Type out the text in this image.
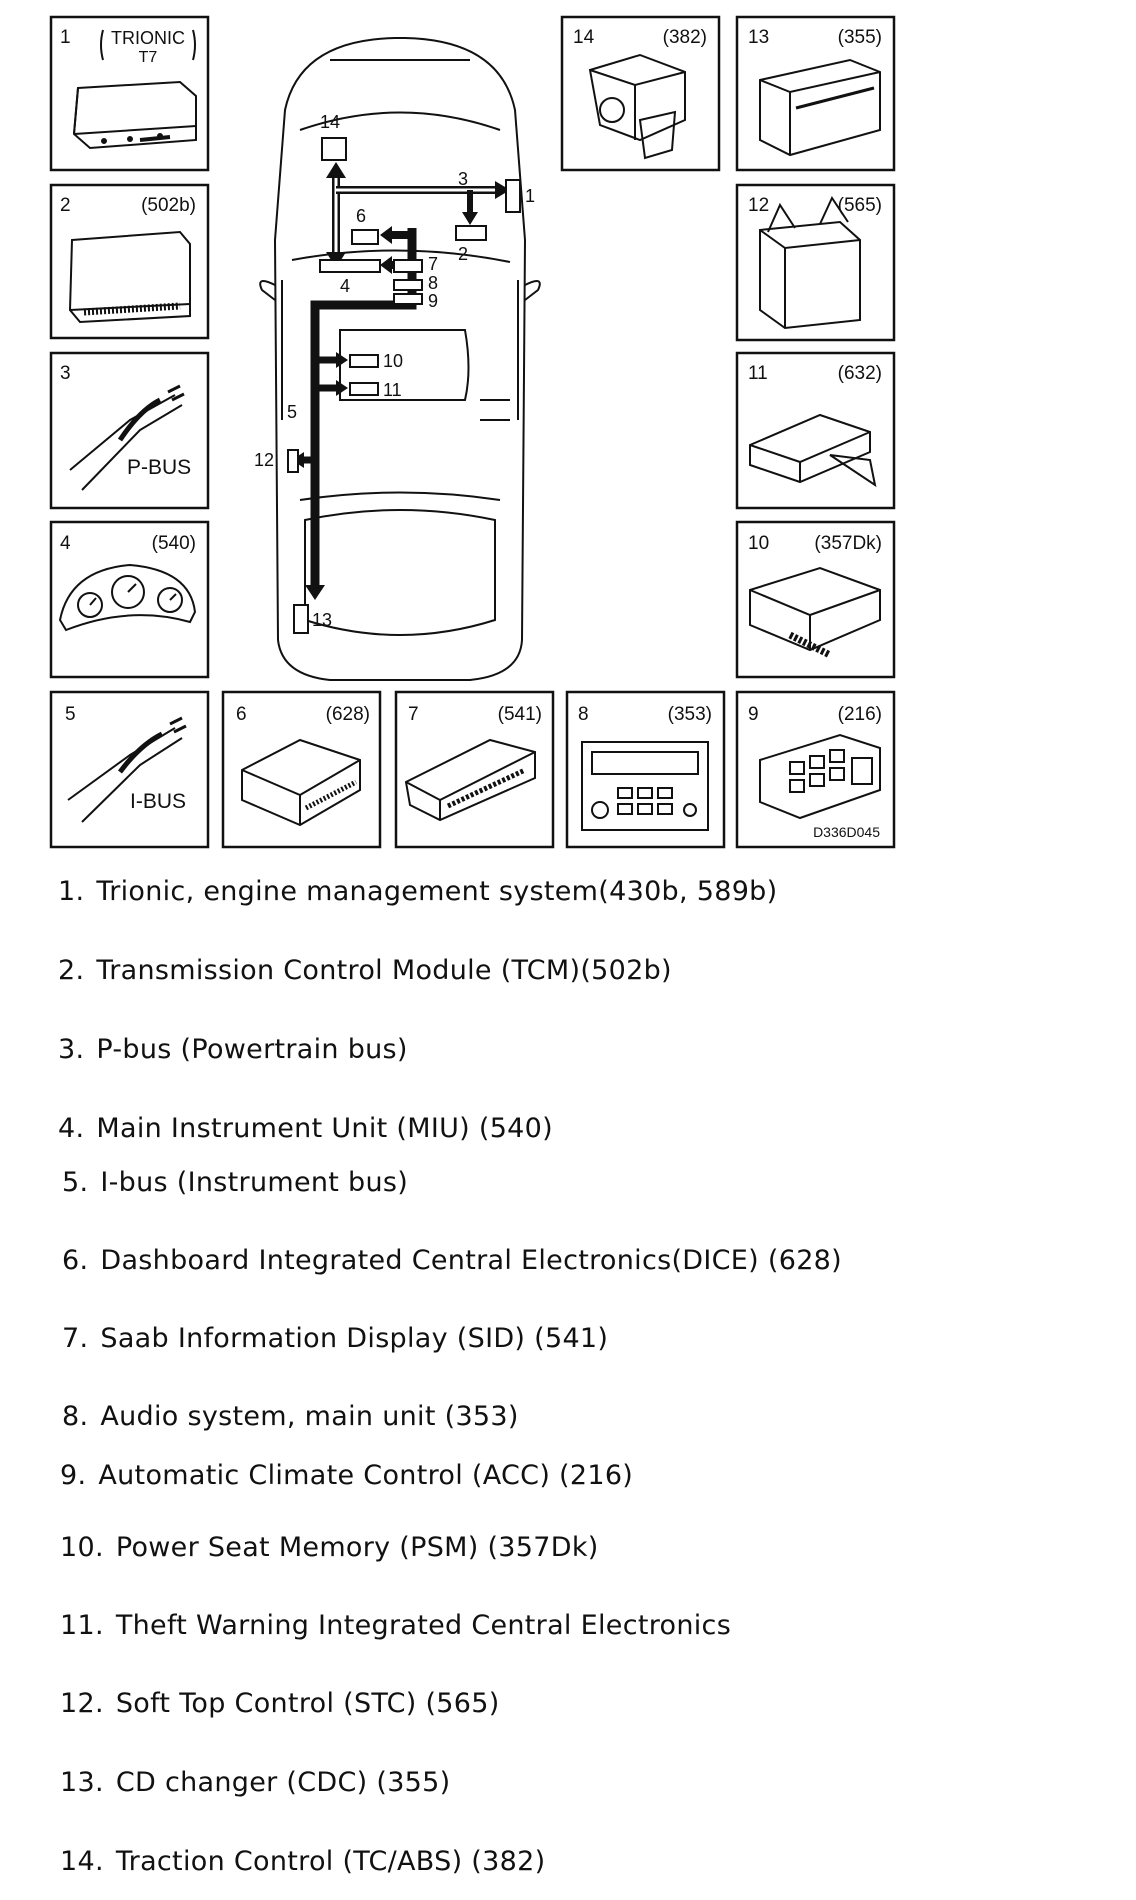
1 TRIONIC
T7
2	(502b)
3
P-BUS
4	(540)
5
I-BUS
6	(628) 7	(541) 8	(353) 9	(216)
D336D045
10 (357Dk)
11	(632)
12	(565)
13	(355)
14	(382)
14
3
1
6
2
7
8
9
4
10
11
5
12
13
1. Trionic, engine management system(430b, 589b)
2. Transmission Control Module (TCM)(502b)
3. P-bus (Powertrain bus)
4. Main Instrument Unit (MIU) (540)
5. I-bus (Instrument bus)
6. Dashboard Integrated Central Electronics(DICE) (628)
7. Saab Information Display (SID) (541)
8. Audio system, main unit (353)
9. Automatic Climate Control (ACC) (216)
10. Power Seat Memory (PSM) (357Dk)
11. Theft Warning Integrated Central Electronics
12. Soft Top Control (STC) (565)
13. CD changer (CDC) (355)
14. Traction Control (TC/ABS) (382)
